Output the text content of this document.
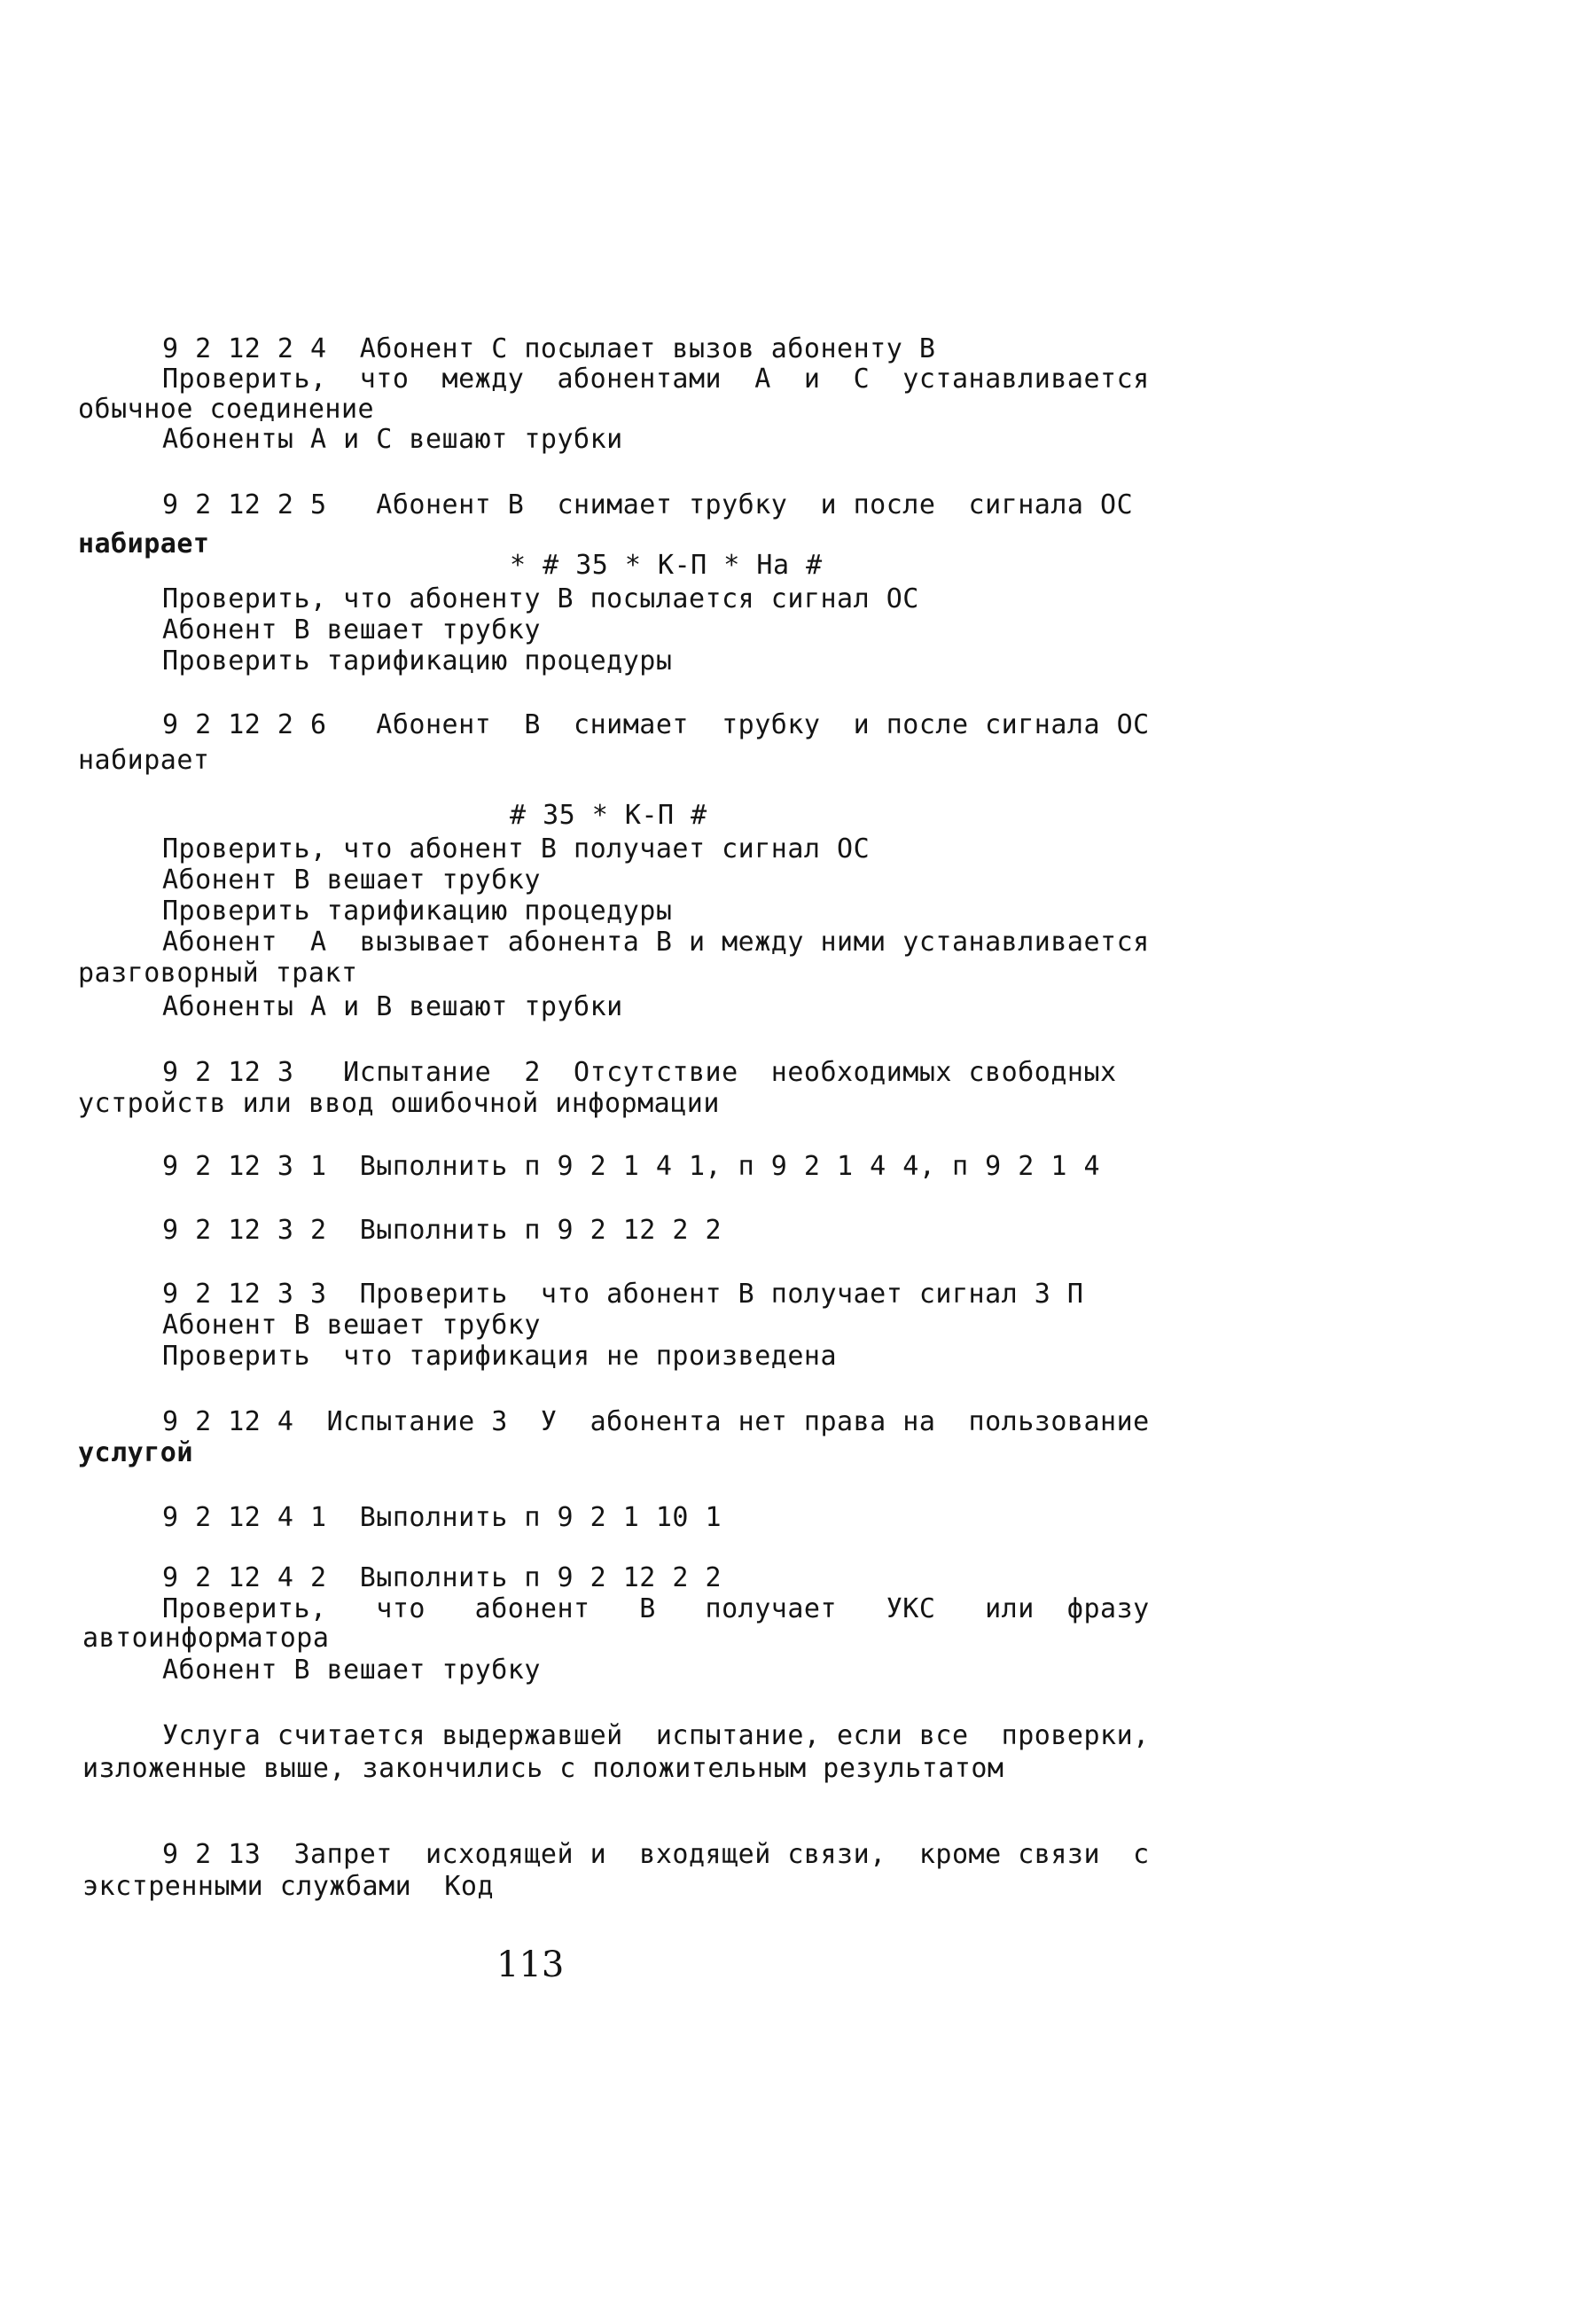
9 2 12 2 4  Абонент С посылает вызов абоненту В
Проверить,  что  между  абонентами  А  и  С  устанавливается
обычное соединение
Абоненты А и С вешают трубки
9 2 12 2 5   Абонент В  снимает трубку  и после  сигнала ОС
набирает
* # 35 * К-П * На #
Проверить, что абоненту В посылается сигнал ОС
Абонент В вешает трубку
Проверить тарификацию процедуры
9 2 12 2 6   Абонент  В  снимает  трубку  и после сигнала ОС
набирает
# 35 * К-П #
Проверить, что абонент В получает сигнал ОС
Абонент В вешает трубку
Проверить тарификацию процедуры
Абонент  А  вызывает абонента В и между ними устанавливается
разговорный тракт
Абоненты А и В вешают трубки
9 2 12 3   Испытание  2  Отсутствие  необходимых свободных
устройств или ввод ошибочной информации
9 2 12 3 1  Выполнить п 9 2 1 4 1, п 9 2 1 4 4, п 9 2 1 4
9 2 12 3 2  Выполнить п 9 2 12 2 2
9 2 12 3 3  Проверить  что абонент В получает сигнал З П
Абонент В вешает трубку
Проверить  что тарификация не произведена
9 2 12 4  Испытание 3  У  абонента нет права на  пользование
услугой
9 2 12 4 1  Выполнить п 9 2 1 10 1
9 2 12 4 2  Выполнить п 9 2 12 2 2
Проверить,   что   абонент   В   получает   УКС   или  фразу
автоинформатора
Абонент В вешает трубку
Услуга считается выдержавшей  испытание, если все  проверки,
изложенные выше, закончились с положительным результатом
9 2 13  Запрет  исходящей и  входящей связи,  кроме связи  с
экстренными службами  Код
113
